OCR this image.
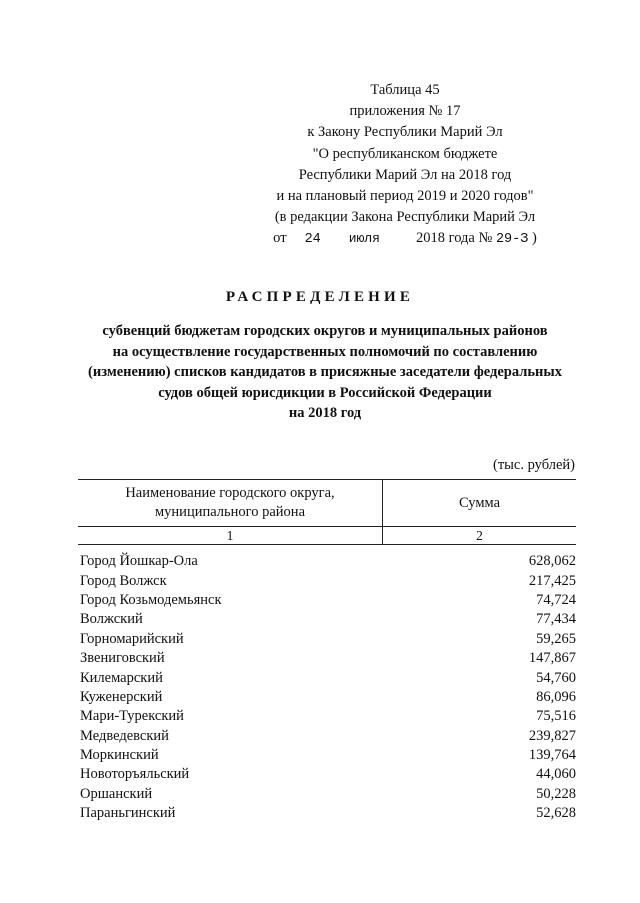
Таблица 45
приложения № 17
к Закону Республики Марий Эл
"О республиканском бюджете
Республики Марий Эл на 2018 год
и на плановый период 2019 и 2020 годов"
(в редакции Закона Республики Марий Эл
от 24 июля 2018 года № 29-З )
РАСПРЕДЕЛЕНИЕ
субвенций бюджетам городских округов и муниципальных районов
на осуществление государственных полномочий по составлению
(изменению) списков кандидатов в присяжные заседатели федеральных
судов общей юрисдикции в Российской Федерации
на 2018 год
(тыс. рублей)
Наименование городского округа,
муниципального района
Сумма
1	2
Город Йошкар-Ола	628,062
Город Волжск	217,425
Город Козьмодемьянск	74,724
Волжский	77,434
Горномарийский	59,265
Звениговский	147,867
Килемарский	54,760
Куженерский	86,096
Мари-Турекский	75,516
Медведевский	239,827
Моркинский	139,764
Новоторъяльский	44,060
Оршанский	50,228
Параньгинский	52,628
